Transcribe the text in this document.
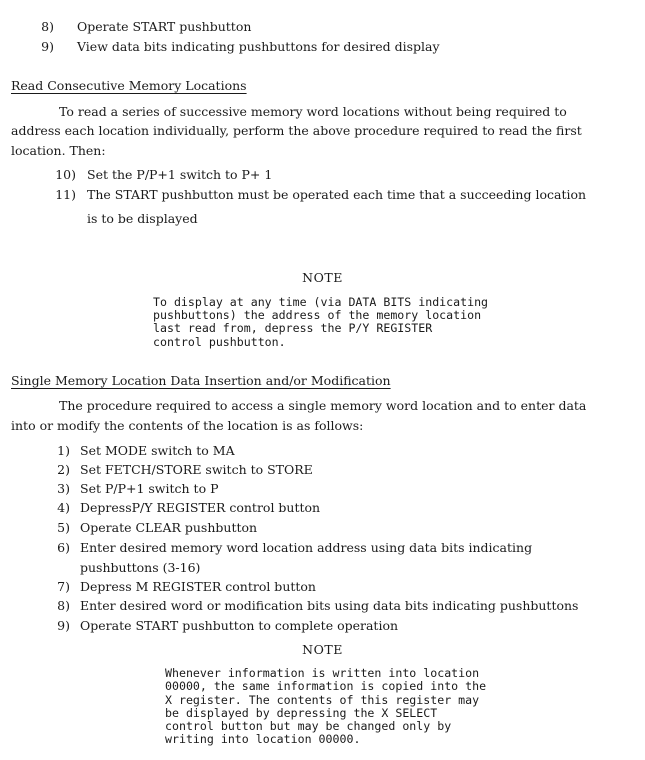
8) Operate START pushbutton
9) View data bits indicating pushbuttons for desired display
Read Consecutive Memory Locations
To read a series of successive memory word locations without being required to
address each location individually, perform the above procedure required to read the first
location. Then:
10) Set the P/P+1 switch to P+ 1
11) The START pushbutton must be operated each time that a succeeding location
is to be displayed
NOTE
To display at any time (via DATA BITS indicating
pushbuttons) the address of the memory location
last read from, depress the P/Y REGISTER
control pushbutton.
Single Memory Location Data Insertion and/or Modification
The procedure required to access a single memory word location and to enter data
into or modify the contents of the location is as follows:
1) Set MODE switch to MA
2) Set FETCH/STORE switch to STORE
3) Set P/P+1 switch to P
4) DepressP/Y REGISTER control button
5) Operate CLEAR pushbutton
6) Enter desired memory word location address using data bits indicating
pushbuttons (3-16)
7) Depress M REGISTER control button
8) Enter desired word or modification bits using data bits indicating pushbuttons
9) Operate START pushbutton to complete operation
NOTE
Whenever information is written into location
00000, the same information is copied into the
X register. The contents of this register may
be displayed by depressing the X SELECT
control button but may be changed only by
writing into location 00000.
